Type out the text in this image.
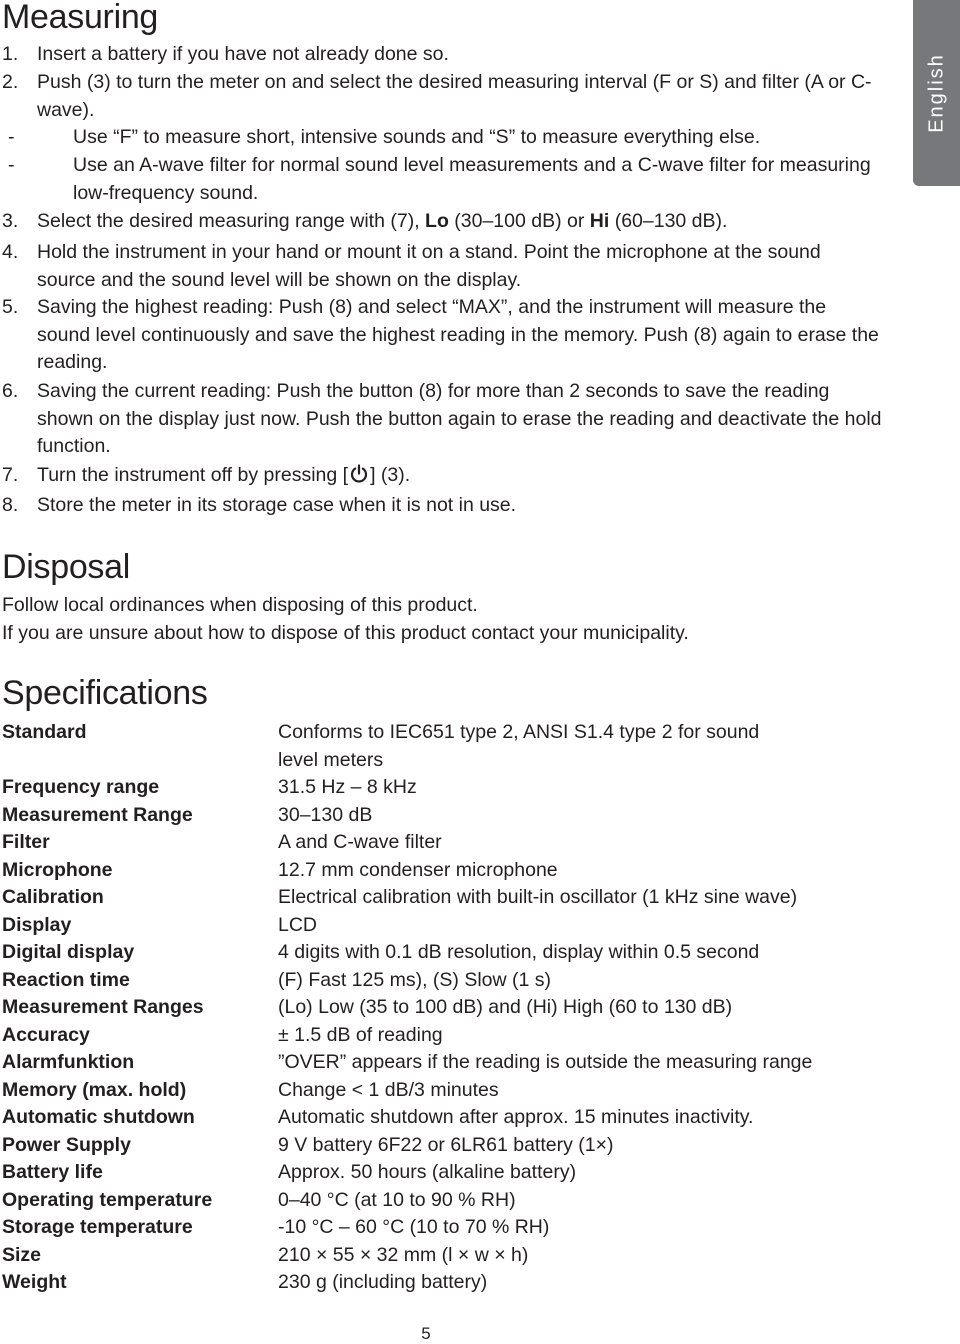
English
Measuring
1. Insert a battery if you have not already done so.
2. Push (3) to turn the meter on and select the desired measuring interval (F or S) and filter (A or C-wave).
-	Use “F” to measure short, intensive sounds and “S” to measure everything else.
-	Use an A-wave filter for normal sound level measurements and a C-wave filter for measuring low-frequency sound.
3. Select the desired measuring range with (7), Lo (30–100 dB) or Hi (60–130 dB).
4. Hold the instrument in your hand or mount it on a stand. Point the microphone at the sound source and the sound level will be shown on the display.
5. Saving the highest reading: Push (8) and select “MAX”, and the instrument will measure the sound level continuously and save the highest reading in the memory. Push (8) again to erase the reading.
6. Saving the current reading: Push the button (8) for more than 2 seconds to save the reading shown on the display just now. Push the button again to erase the reading and deactivate the hold function.
7. Turn the instrument off by pressing [ ] (3).
8. Store the meter in its storage case when it is not in use.
Disposal
Follow local ordinances when disposing of this product.
If you are unsure about how to dispose of this product contact your municipality.
Specifications
Standard	Conforms to IEC651 type 2, ANSI S1.4 type 2 for sound level meters
Frequency range	31.5 Hz – 8 kHz
Measurement Range	30–130 dB
Filter	A and C-wave filter
Microphone	12.7 mm condenser microphone
Calibration	Electrical calibration with built-in oscillator (1 kHz sine wave)
Display	LCD
Digital display	4 digits with 0.1 dB resolution, display within 0.5 second
Reaction time	(F) Fast 125 ms), (S) Slow (1 s)
Measurement Ranges	(Lo) Low (35 to 100 dB) and (Hi) High (60 to 130 dB)
Accuracy	± 1.5 dB of reading
Alarmfunktion	”OVER” appears if the reading is outside the measuring range
Memory (max. hold)	Change < 1 dB/3 minutes
Automatic shutdown	Automatic shutdown after approx. 15 minutes inactivity.
Power Supply	9 V battery 6F22 or 6LR61 battery (1×)
Battery life	Approx. 50 hours (alkaline battery)
Operating temperature	0–40 °C (at 10 to 90 % RH)
Storage temperature	-10 °C – 60 °C (10 to 70 % RH)
Size	210 × 55 × 32 mm (l × w × h)
Weight	230 g (including battery)
5
